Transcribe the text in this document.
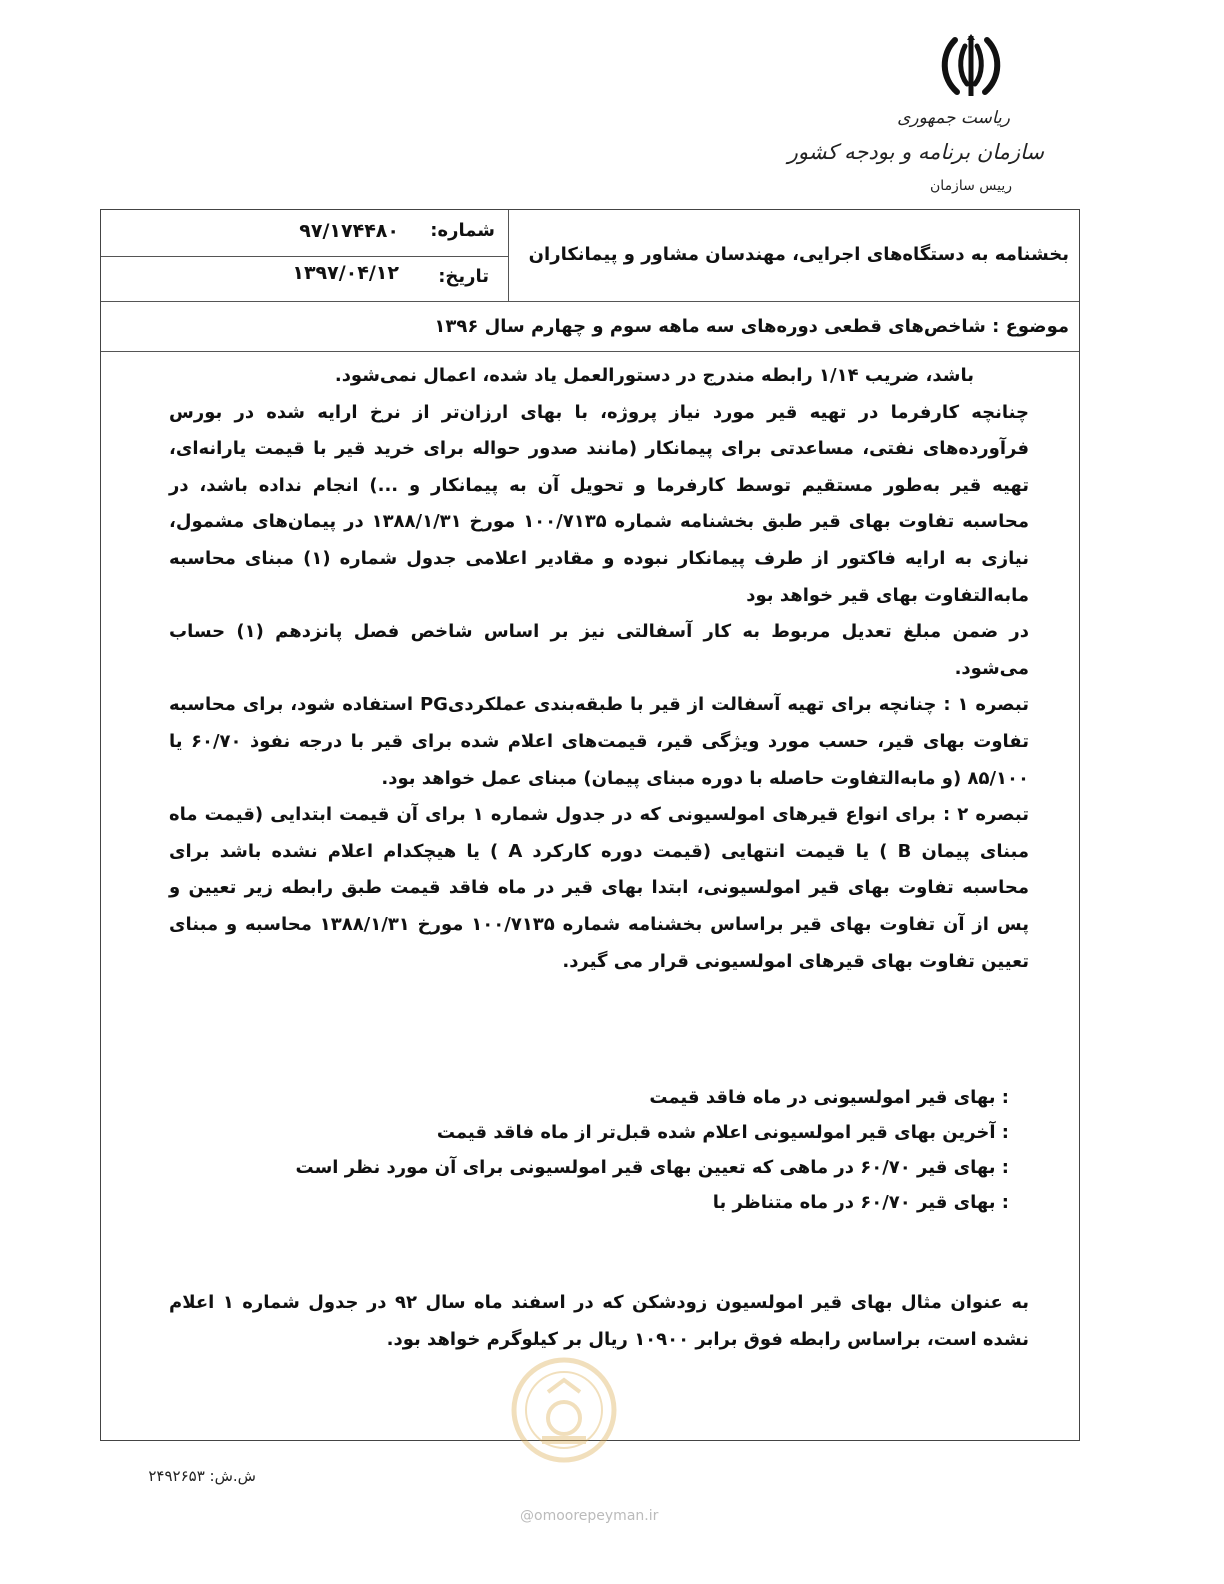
ریاست جمهوری
سازمان برنامه و بودجه کشور
رییس سازمان
شماره:
۹۷/۱۷۴۴۸۰
تاریخ:
۱۳۹۷/۰۴/۱۲
بخشنامه به دستگاه‌های اجرایی، مهندسان مشاور و پیمانکاران
موضوع : شاخص‌های قطعی دوره‌های سه ماهه سوم و چهارم سال ۱۳۹۶

باشد، ضریب ۱/۱۴ رابطه مندرج در دستورالعمل یاد شده، اعمال نمی‌شود.

چنانچه کارفرما در تهیه قیر مورد نیاز پروژه، با بهای ارزان‌تر از نرخ ارایه شده در بورس فرآورده‌های نفتی، مساعدتی برای پیمانکار (مانند صدور حواله برای خرید قیر با قیمت یارانه‌ای، تهیه قیر به‌طور مستقیم توسط کارفرما و تحویل آن به پیمانکار و ...) انجام نداده باشد، در محاسبه تفاوت بهای قیر طبق بخشنامه شماره ۱۰۰/۷۱۳۵ مورخ ۱۳۸۸/۱/۳۱ در پیمان‌های مشمول، نیازی به ارایه فاکتور از طرف پیمانکار نبوده و مقادیر اعلامی جدول شماره (۱) مبنای محاسبه مابه‌التفاوت بهای قیر خواهد بود

در ضمن مبلغ تعدیل مربوط به کار آسفالتی نیز بر اساس شاخص فصل پانزدهم (۱) حساب می‌شود.

تبصره ۱ : چنانچه برای تهیه آسفالت از قیر با طبقه‌بندی عملکردیPG استفاده شود، برای محاسبه تفاوت بهای قیر، حسب مورد ویژگی قیر، قیمت‌های اعلام شده برای قیر با درجه نفوذ ۶۰/۷۰ یا ۸۵/۱۰۰ (و مابه‌التفاوت حاصله با دوره مبنای پیمان) مبنای عمل خواهد بود.

تبصره ۲ : برای انواع قیرهای امولسیونی که در جدول شماره ۱ برای آن قیمت ابتدایی (قیمت ماه مبنای پیمان B ) یا قیمت انتهایی (قیمت دوره کارکرد A ) یا هیچکدام اعلام نشده باشد برای محاسبه تفاوت بهای قیر امولسیونی، ابتدا بهای قیر در ماه فاقد قیمت طبق رابطه زیر تعیین و پس از آن تفاوت بهای قیر براساس بخشنامه شماره ۱۰۰/۷۱۳۵ مورخ ۱۳۸۸/۱/۳۱ محاسبه و مبنای تعیین تفاوت بهای قیرهای امولسیونی قرار می گیرد.

: بهای قیر امولسیونی در ماه فاقد قیمت
: آخرین بهای قیر امولسیونی اعلام شده قبل‌تر از ماه فاقد قیمت
: بهای قیر ۶۰/۷۰ در ماهی که تعیین بهای قیر امولسیونی برای آن مورد نظر است
: بهای قیر ۶۰/۷۰ در ماه متناظر با
به عنوان مثال بهای قیر امولسیون زودشکن که در اسفند ماه سال ۹۲ در جدول شماره ۱ اعلام نشده است، براساس رابطه فوق برابر ۱۰۹۰۰ ریال بر کیلوگرم خواهد بود.
ش.ش: ۲۴۹۲۶۵۳
@omoorepeyman.ir
